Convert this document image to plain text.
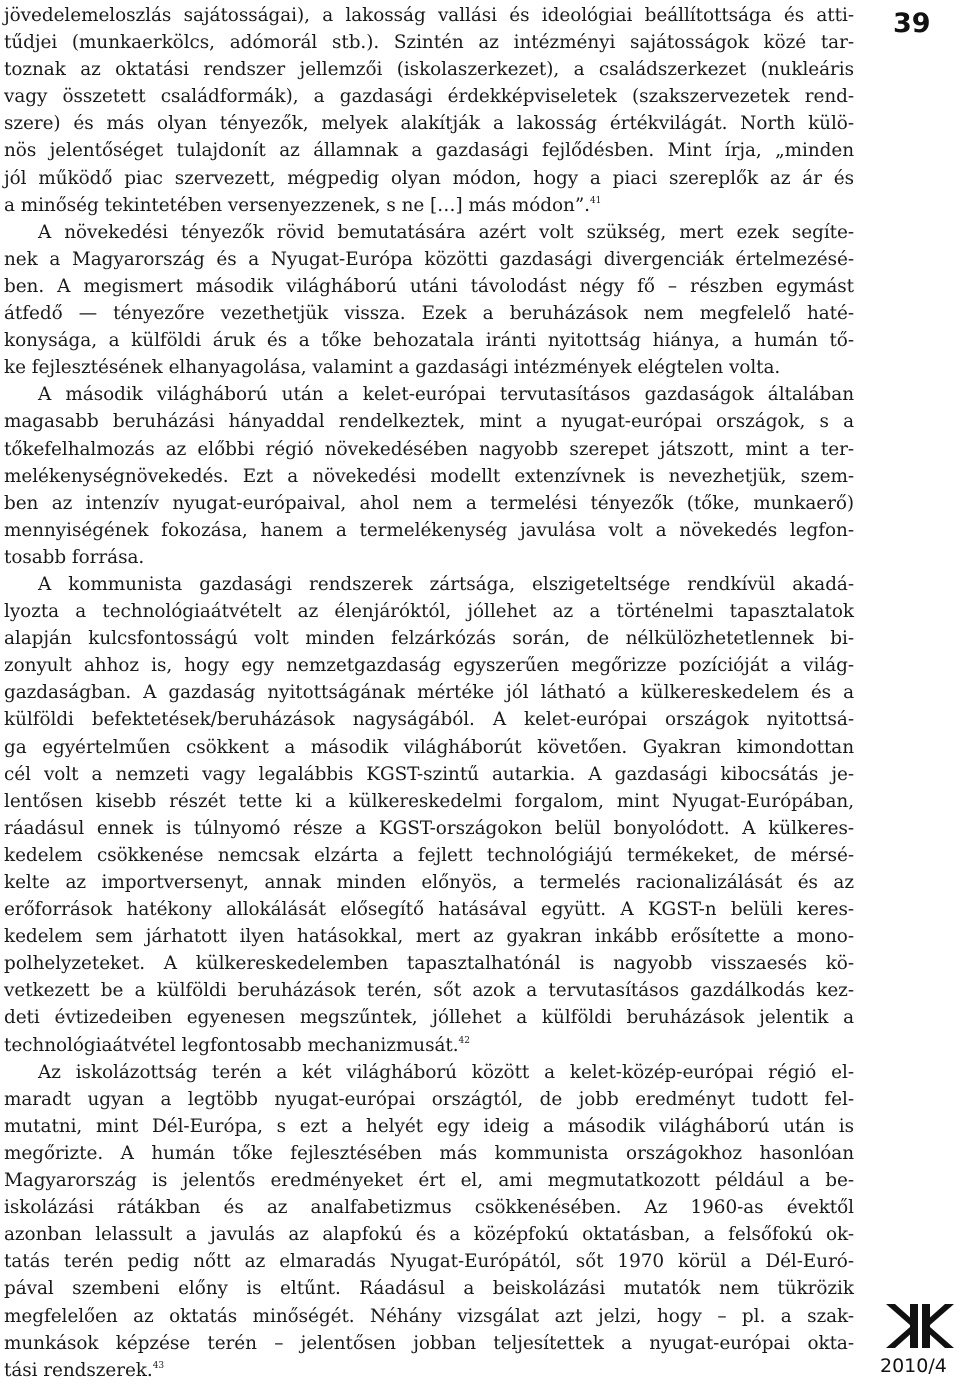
jövedelemeloszlás sajátosságai), a lakosság vallási és ideológiai beállítottsága és atti-
tűdjei (munkaerkölcs, adómorál stb.). Szintén az intézményi sajátosságok közé tar-
toznak az oktatási rendszer jellemzői (iskolaszerkezet), a családszerkezet (nukleáris
vagy összetett családformák), a gazdasági érdekképviseletek (szakszervezetek rend-
szere) és más olyan tényezők, melyek alakítják a lakosság értékvilágát. North külö-
nös jelentőséget tulajdonít az államnak a gazdasági fejlődésben. Mint írja, „minden
jól működő piac szervezett, mégpedig olyan módon, hogy a piaci szereplők az ár és
a minőség tekintetében versenyezzenek, s ne […] más módon”.$^{41}$
A növekedési tényezők rövid bemutatására azért volt szükség, mert ezek segíte-
nek a Magyarország és a Nyugat-Európa közötti gazdasági divergenciák értelmezésé-
ben. A megismert második világháború utáni távolodást négy fő – részben egymást
átfedő — tényezőre vezethetjük vissza. Ezek a beruházások nem megfelelő haté-
konysága, a külföldi áruk és a tőke behozatala iránti nyitottság hiánya, a humán tő-
ke fejlesztésének elhanyagolása, valamint a gazdasági intézmények elégtelen volta.
A második világháború után a kelet-európai tervutasításos gazdaságok általában
magasabb beruházási hányaddal rendelkeztek, mint a nyugat-európai országok, s a
tőkefelhalmozás az előbbi régió növekedésében nagyobb szerepet játszott, mint a ter-
melékenységnövekedés. Ezt a növekedési modellt extenzívnek is nevezhetjük, szem-
ben az intenzív nyugat-európaival, ahol nem a termelési tényezők (tőke, munkaerő)
mennyiségének fokozása, hanem a termelékenység javulása volt a növekedés legfon-
tosabb forrása.
A kommunista gazdasági rendszerek zártsága, elszigeteltsége rendkívül akadá-
lyozta a technológiaátvételt az élenjáróktól, jóllehet az a történelmi tapasztalatok
alapján kulcsfontosságú volt minden felzárkózás során, de nélkülözhetetlennek bi-
zonyult ahhoz is, hogy egy nemzetgazdaság egyszerűen megőrizze pozícióját a világ-
gazdaságban. A gazdaság nyitottságának mértéke jól látható a külkereskedelem és a
külföldi befektetések/beruházások nagyságából. A kelet-európai országok nyitottsá-
ga egyértelműen csökkent a második világháborút követően. Gyakran kimondottan
cél volt a nemzeti vagy legalábbis KGST-szintű autarkia. A gazdasági kibocsátás je-
lentősen kisebb részét tette ki a külkereskedelmi forgalom, mint Nyugat-Európában,
ráadásul ennek is túlnyomó része a KGST-országokon belül bonyolódott. A külkeres-
kedelem csökkenése nemcsak elzárta a fejlett technológiájú termékeket, de mérsé-
kelte az importversenyt, annak minden előnyös, a termelés racionalizálását és az
erőforrások hatékony allokálását elősegítő hatásával együtt. A KGST-n belüli keres-
kedelem sem járhatott ilyen hatásokkal, mert az gyakran inkább erősítette a mono-
polhelyzeteket. A külkereskedelemben tapasztalhatónál is nagyobb visszaesés kö-
vetkezett be a külföldi beruházások terén, sőt azok a tervutasításos gazdálkodás kez-
deti évtizedeiben egyenesen megszűntek, jóllehet a külföldi beruházások jelentik a
technológiaátvétel legfontosabb mechanizmusát.$^{42}$
Az iskolázottság terén a két világháború között a kelet-közép-európai régió el-
maradt ugyan a legtöbb nyugat-európai országtól, de jobb eredményt tudott fel-
mutatni, mint Dél-Európa, s ezt a helyét egy ideig a második világháború után is
megőrizte. A humán tőke fejlesztésében más kommunista országokhoz hasonlóan
Magyarország is jelentős eredményeket ért el, ami megmutatkozott például a be-
iskolázási rátákban és az analfabetizmus csökkenésében. Az 1960-as évektől
azonban lelassult a javulás az alapfokú és a középfokú oktatásban, a felsőfokú ok-
tatás terén pedig nőtt az elmaradás Nyugat-Európától, sőt 1970 körül a Dél-Euró-
pával szembeni előny is eltűnt. Ráadásul a beiskolázási mutatók nem tükrözik
megfelelően az oktatás minőségét. Néhány vizsgálat azt jelzi, hogy – pl. a szak-
munkások képzése terén – jelentősen jobban teljesítettek a nyugat-európai okta-
tási rendszerek.$^{43}$
39
2010/4
